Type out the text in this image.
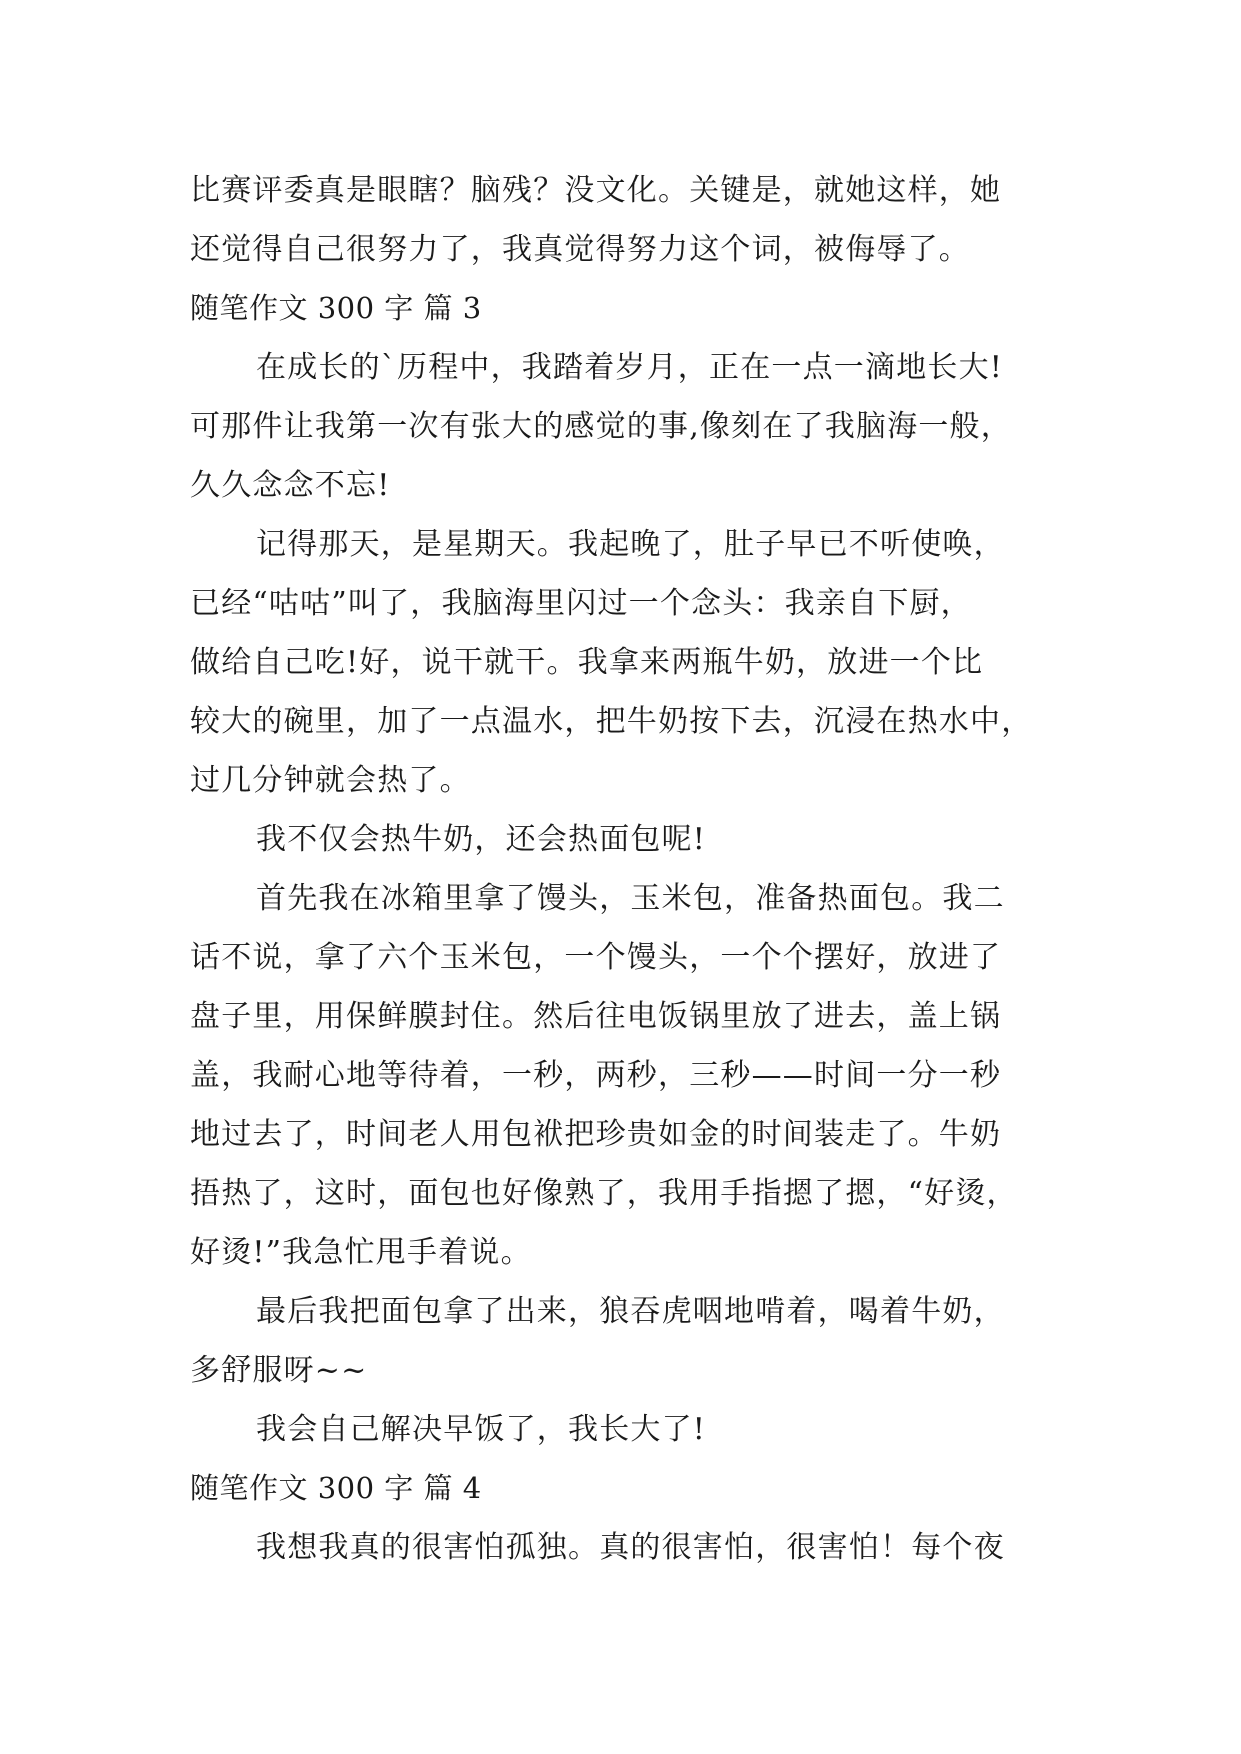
比赛评委真是眼瞎？脑残？没文化。关键是，就她这样，她
还觉得自己很努力了，我真觉得努力这个词，被侮辱了。
随笔作文 300 字 篇 3
在成长的`历程中，我踏着岁月，正在一点一滴地长大!
可那件让我第一次有张大的感觉的事,像刻在了我脑海一般，
久久念念不忘!
记得那天，是星期天。我起晚了，肚子早已不听使唤，
已经“咕咕”叫了，我脑海里闪过一个念头：我亲自下厨，
做给自己吃!好，说干就干。我拿来两瓶牛奶，放进一个比
较大的碗里，加了一点温水，把牛奶按下去，沉浸在热水中，
过几分钟就会热了。
我不仅会热牛奶，还会热面包呢!
首先我在冰箱里拿了馒头，玉米包，准备热面包。我二
话不说，拿了六个玉米包，一个馒头，一个个摆好，放进了
盘子里，用保鲜膜封住。然后往电饭锅里放了进去，盖上锅
盖，我耐心地等待着，一秒，两秒，三秒——时间一分一秒
地过去了，时间老人用包袱把珍贵如金的时间装走了。牛奶
捂热了，这时，面包也好像熟了，我用手指摁了摁，“好烫，
好烫!”我急忙甩手着说。
最后我把面包拿了出来，狼吞虎咽地啃着，喝着牛奶，
多舒服呀~~
我会自己解决早饭了，我长大了!
随笔作文 300 字 篇 4
我想我真的很害怕孤独。真的很害怕，很害怕！每个夜
